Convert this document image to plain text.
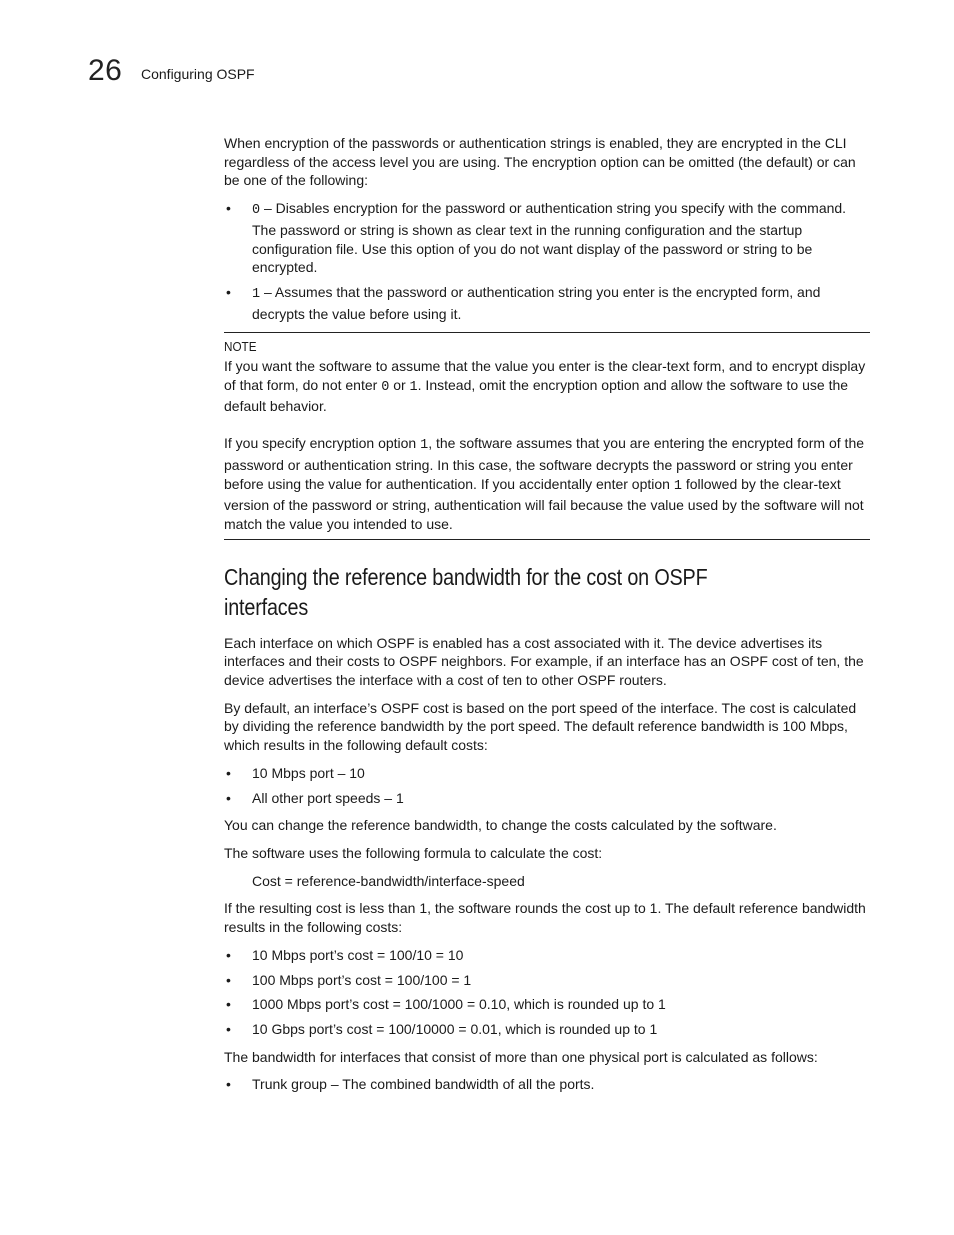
26 Configuring OSPF

When encryption of the passwords or authentication strings is enabled, they are encrypted in the CLI regardless of the access level you are using. The encryption option can be omitted (the default) or can be one of the following:

• 0 – Disables encryption for the password or authentication string you specify with the command. The password or string is shown as clear text in the running configuration and the startup configuration file. Use this option of you do not want display of the password or string to be encrypted.
• 1 – Assumes that the password or authentication string you enter is the encrypted form, and decrypts the value before using it.
NOTE

If you want the software to assume that the value you enter is the clear-text form, and to encrypt display of that form, do not enter 0 or 1. Instead, omit the encryption option and allow the software to use the default behavior.

If you specify encryption option 1, the software assumes that you are entering the encrypted form of the password or authentication string. In this case, the software decrypts the password or string you enter before using the value for authentication. If you accidentally enter option 1 followed by the clear-text version of the password or string, authentication will fail because the value used by the software will not match the value you intended to use.

Changing the reference bandwidth for the cost on OSPF interfaces

Each interface on which OSPF is enabled has a cost associated with it. The device advertises its interfaces and their costs to OSPF neighbors. For example, if an interface has an OSPF cost of ten, the device advertises the interface with a cost of ten to other OSPF routers.

By default, an interface’s OSPF cost is based on the port speed of the interface. The cost is calculated by dividing the reference bandwidth by the port speed. The default reference bandwidth is 100 Mbps, which results in the following default costs:

• 10 Mbps port – 10
• All other port speeds – 1

You can change the reference bandwidth, to change the costs calculated by the software.

The software uses the following formula to calculate the cost:

Cost = reference-bandwidth/interface-speed

If the resulting cost is less than 1, the software rounds the cost up to 1. The default reference bandwidth results in the following costs:

• 10 Mbps port’s cost = 100/10 = 10
• 100 Mbps port’s cost = 100/100 = 1
• 1000 Mbps port’s cost = 100/1000 = 0.10, which is rounded up to 1
• 10 Gbps port’s cost = 100/10000 = 0.01, which is rounded up to 1

The bandwidth for interfaces that consist of more than one physical port is calculated as follows:

• Trunk group – The combined bandwidth of all the ports.
